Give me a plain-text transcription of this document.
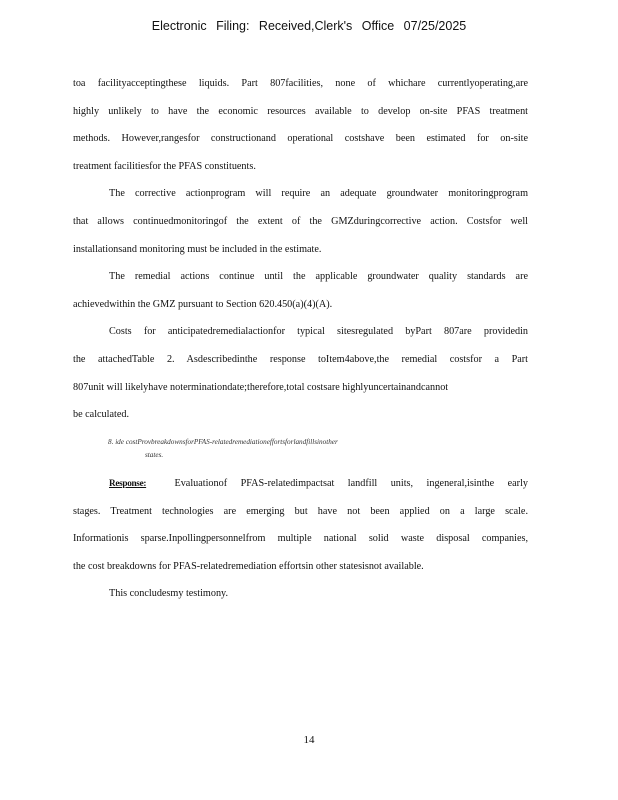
Electronic Filing: Received,Clerk's Office 07/25/2025
toa facilityacceptingthese liquids. Part 807facilities, none of whichare currentlyoperating,are
highly unlikely to have the economic resources available to develop on-site PFAS treatment
methods. However,rangesfor constructionand operational costshave been estimated for on-site
treatment facilitiesfor the PFAS constituents.
The corrective actionprogram will require an adequate groundwater monitoringprogram
that allows continuedmonitoringof the extent of the GMZduringcorrective action. Costsfor well
installationsand monitoring must be included in the estimate.
The remedial actions continue until the applicable groundwater quality standards are
achievedwithin the GMZ pursuant to Section 620.450(a)(4)(A).
Costs for anticipatedremedialactionfor typical sitesregulated byPart 807are providedin
the attachedTable 2. Asdescribedinthe response toItem4above,the remedial costsfor a Part
807unit will likelyhave noterminationdate;therefore,total costsare highlyuncertainandcannot
be calculated.
8. ide costProvbreakdownsforPFAS-relatedremediationeffortsforlandfillsinother
states.
Response:	Evaluationof PFAS-relatedimpactsat landfill units, ingeneral,isinthe early
stages. Treatment technologies are emerging but have not been applied on a large scale.
Informationis sparse.Inpollingpersonnelfrom multiple national solid waste disposal companies,
the cost breakdowns for PFAS-relatedremediation effortsin other statesisnot available.
This concludesmy testimony.
14
